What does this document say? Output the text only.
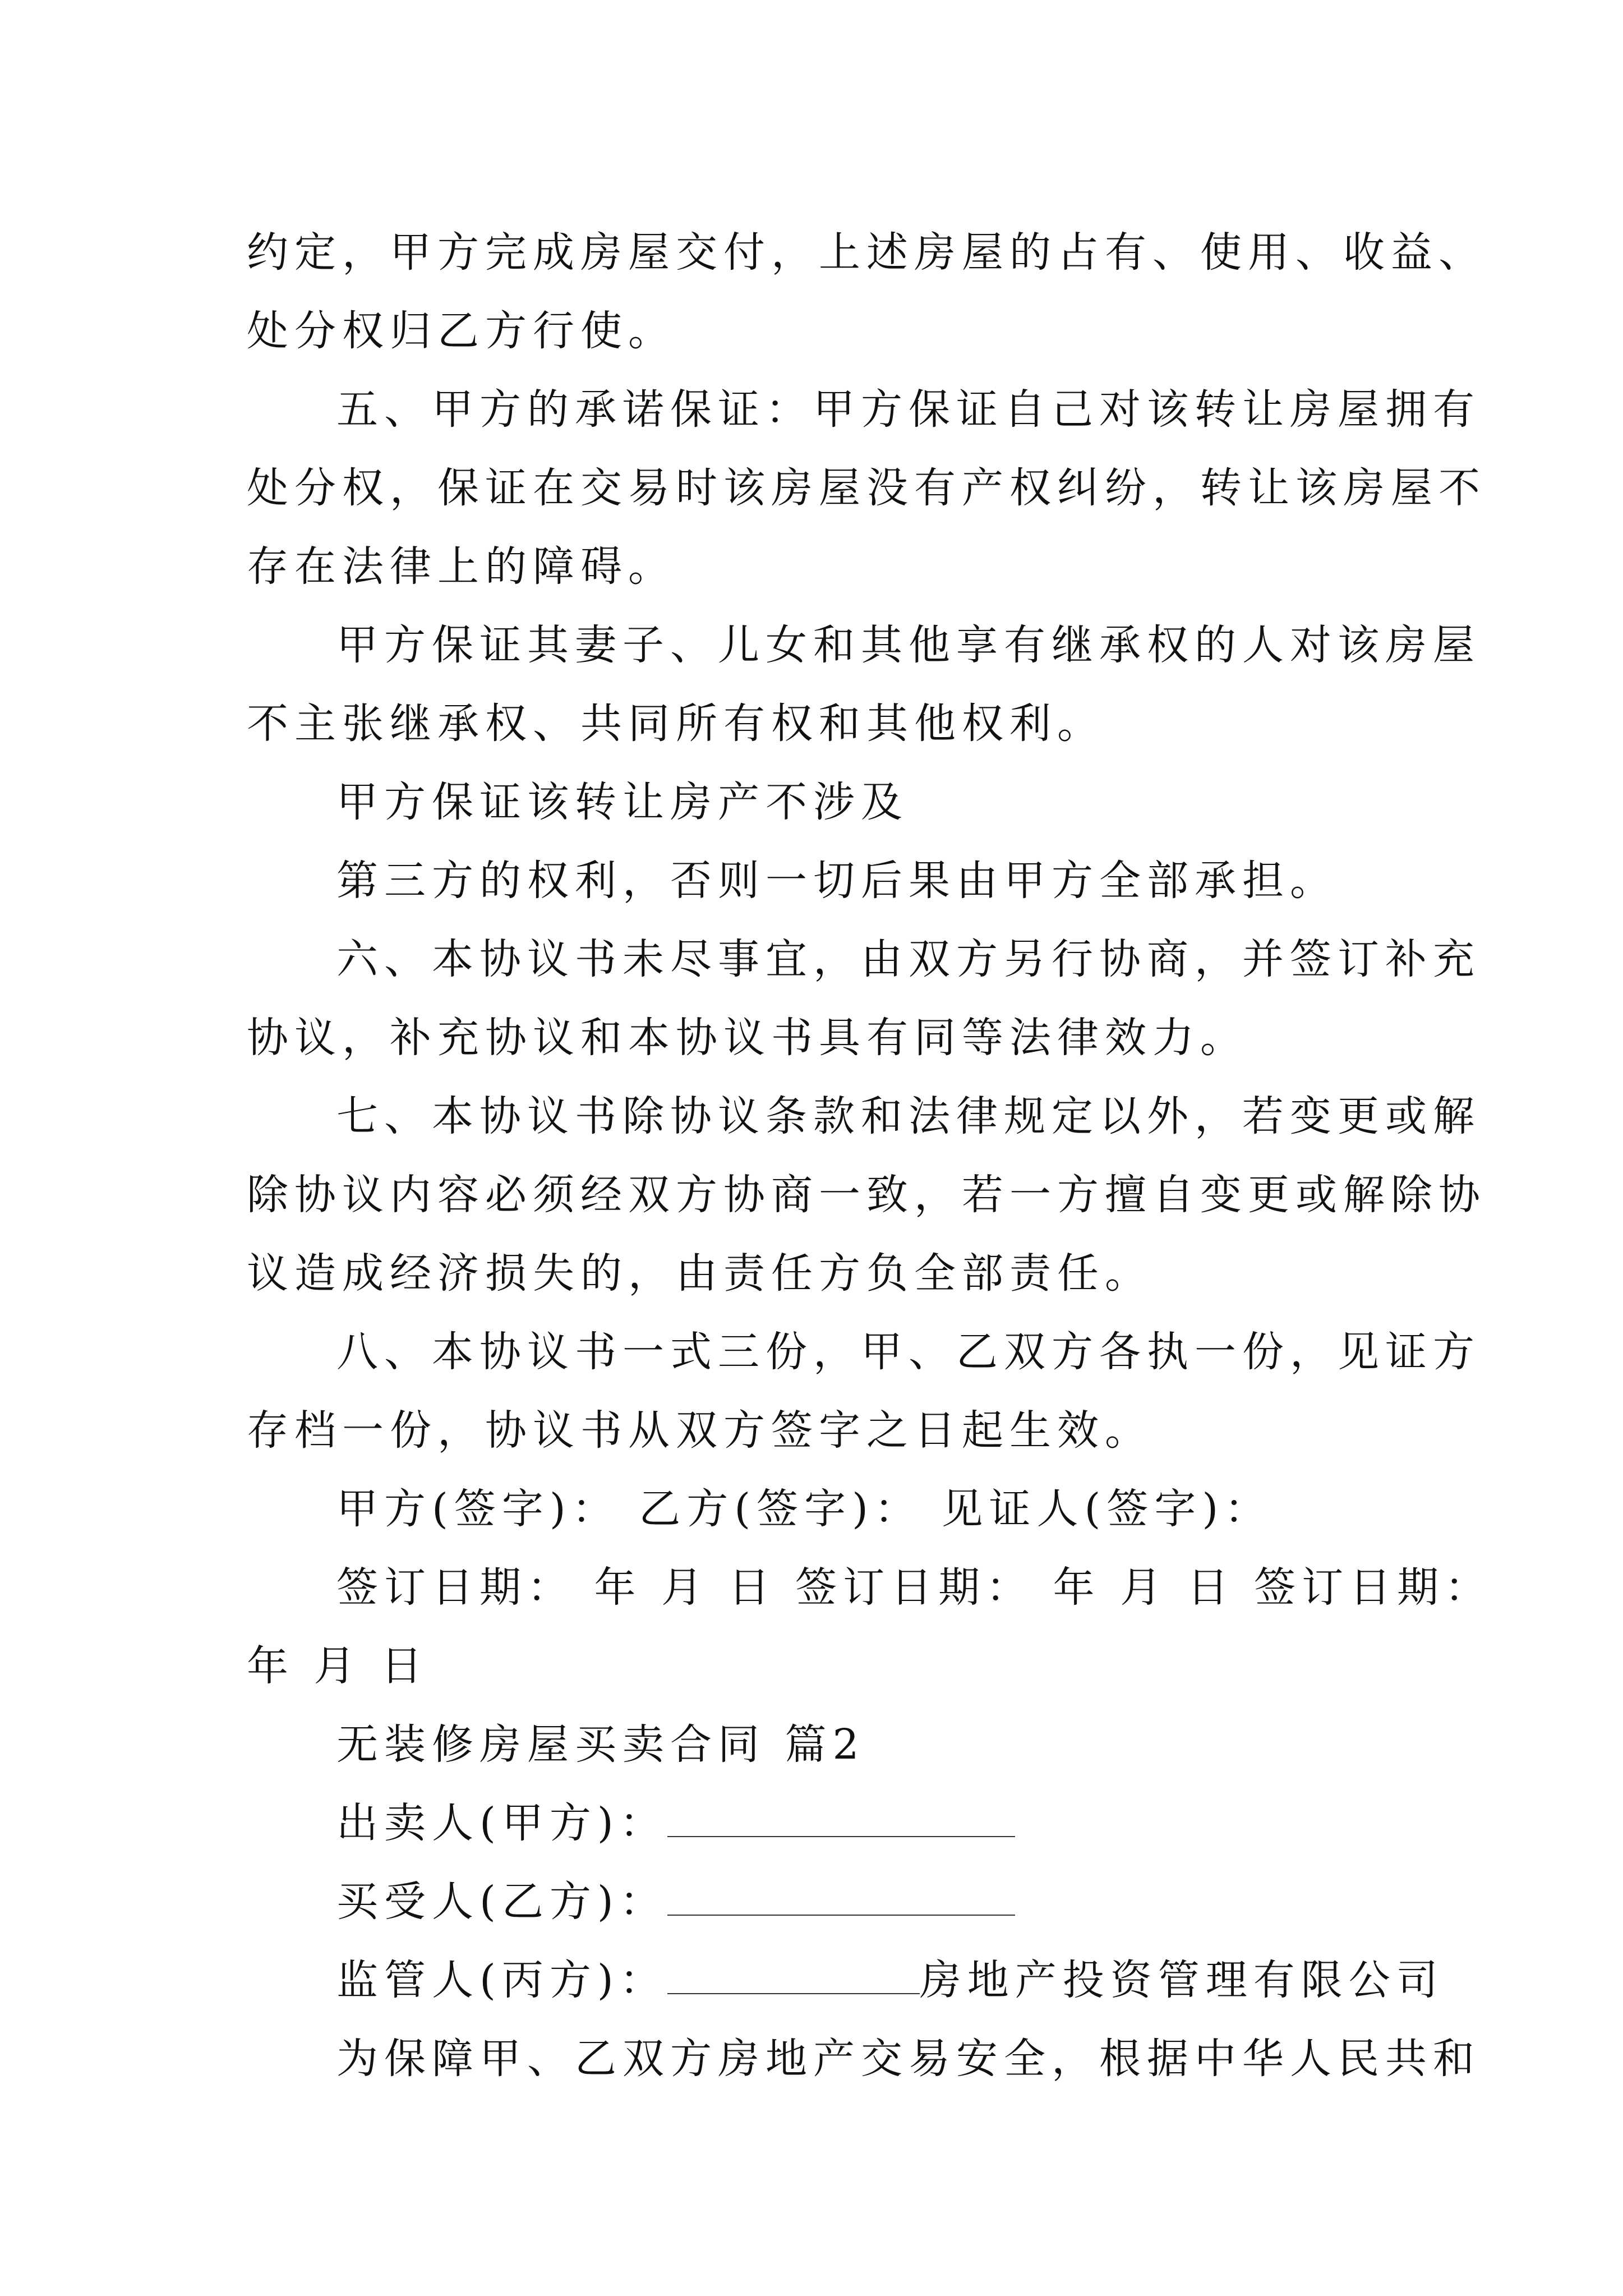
约定，甲方完成房屋交付，上述房屋的占有、使用、收益、
处分权归乙方行使。
五、甲方的承诺保证：甲方保证自己对该转让房屋拥有
处分权，保证在交易时该房屋没有产权纠纷，转让该房屋不
存在法律上的障碍。
甲方保证其妻子、儿女和其他享有继承权的人对该房屋
不主张继承权、共同所有权和其他权利。
甲方保证该转让房产不涉及
第三方的权利，否则一切后果由甲方全部承担。
六、本协议书未尽事宜，由双方另行协商，并签订补充
协议，补充协议和本协议书具有同等法律效力。
七、本协议书除协议条款和法律规定以外，若变更或解
除协议内容必须经双方协商一致，若一方擅自变更或解除协
议造成经济损失的，由责任方负全部责任。
八、本协议书一式三份，甲、乙双方各执一份，见证方
存档一份，协议书从双方签字之日起生效。
甲方(签字)： 乙方(签字)： 见证人(签字)：
签订日期： 年 月 日 签订日期： 年 月 日 签订日期：
年 月 日
无装修房屋买卖合同 篇2
出卖人(甲方)：
买受人(乙方)：
监管人(丙方)：	房地产投资管理有限公司
为保障甲、乙双方房地产交易安全，根据中华人民共和
